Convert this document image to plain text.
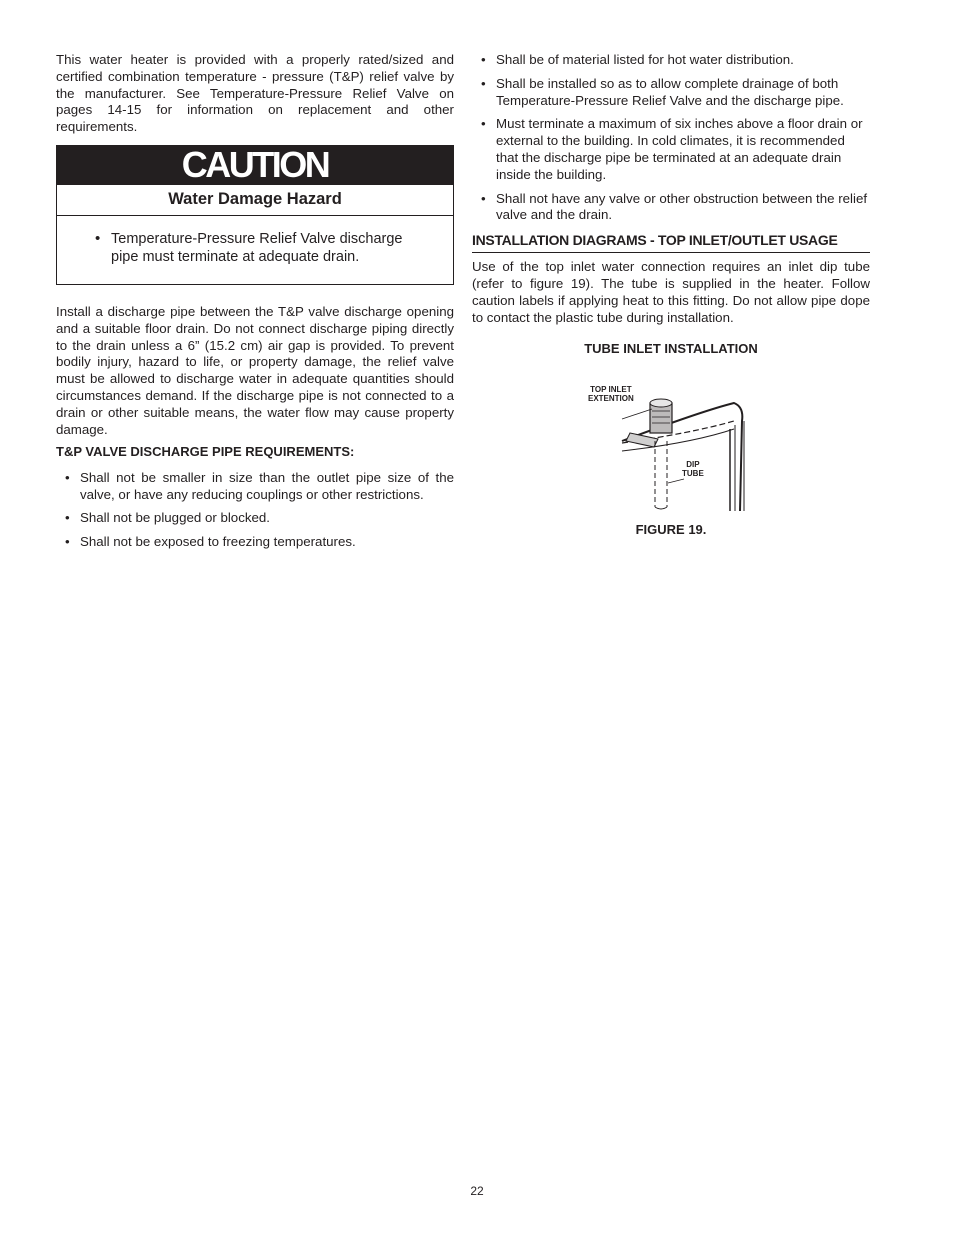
This water heater is provided with a properly rated/sized and certified combination temperature - pressure (T&P) relief valve by the manufacturer. See Temperature-Pressure Relief Valve on pages 14-15 for information on replacement and other requirements.

CAUTION
Water Damage Hazard
• Temperature-Pressure Relief Valve discharge pipe must terminate at adequate drain.

Install a discharge pipe between the T&P valve discharge opening and a suitable floor drain. Do not connect discharge piping directly to the drain unless a 6” (15.2 cm) air gap is provided. To prevent bodily injury, hazard to life, or property damage, the relief valve must be allowed to discharge water in adequate quantities should circumstances demand. If the discharge pipe is not connected to a drain or other suitable means, the water flow may cause property damage.

T&P VALVE DISCHARGE PIPE REQUIREMENTS:
• Shall not be smaller in size than the outlet pipe size of the valve, or have any reducing couplings or other restrictions.
• Shall not be plugged or blocked.
• Shall not be exposed to freezing temperatures.
• Shall be of material listed for hot water distribution.
• Shall be installed so as to allow complete drainage of both Temperature-Pressure Relief Valve and the discharge pipe.
• Must terminate a maximum of six inches above a floor drain or external to the building. In cold climates, it is recommended that the discharge pipe be terminated at an adequate drain inside the building.
• Shall not have any valve or other obstruction between the relief valve and the drain.
INSTALLATION DIAGRAMS - TOP INLET/OUTLET USAGE

Use of the top inlet water connection requires an inlet dip tube (refer to figure 19). The tube is supplied in the heater. Follow caution labels if applying heat to this fitting. Do not allow pipe dope to contact the plastic tube during installation.

TUBE INLET INSTALLATION
TOP INLET
EXTENTION
DIP
TUBE
FIGURE 19.
22
